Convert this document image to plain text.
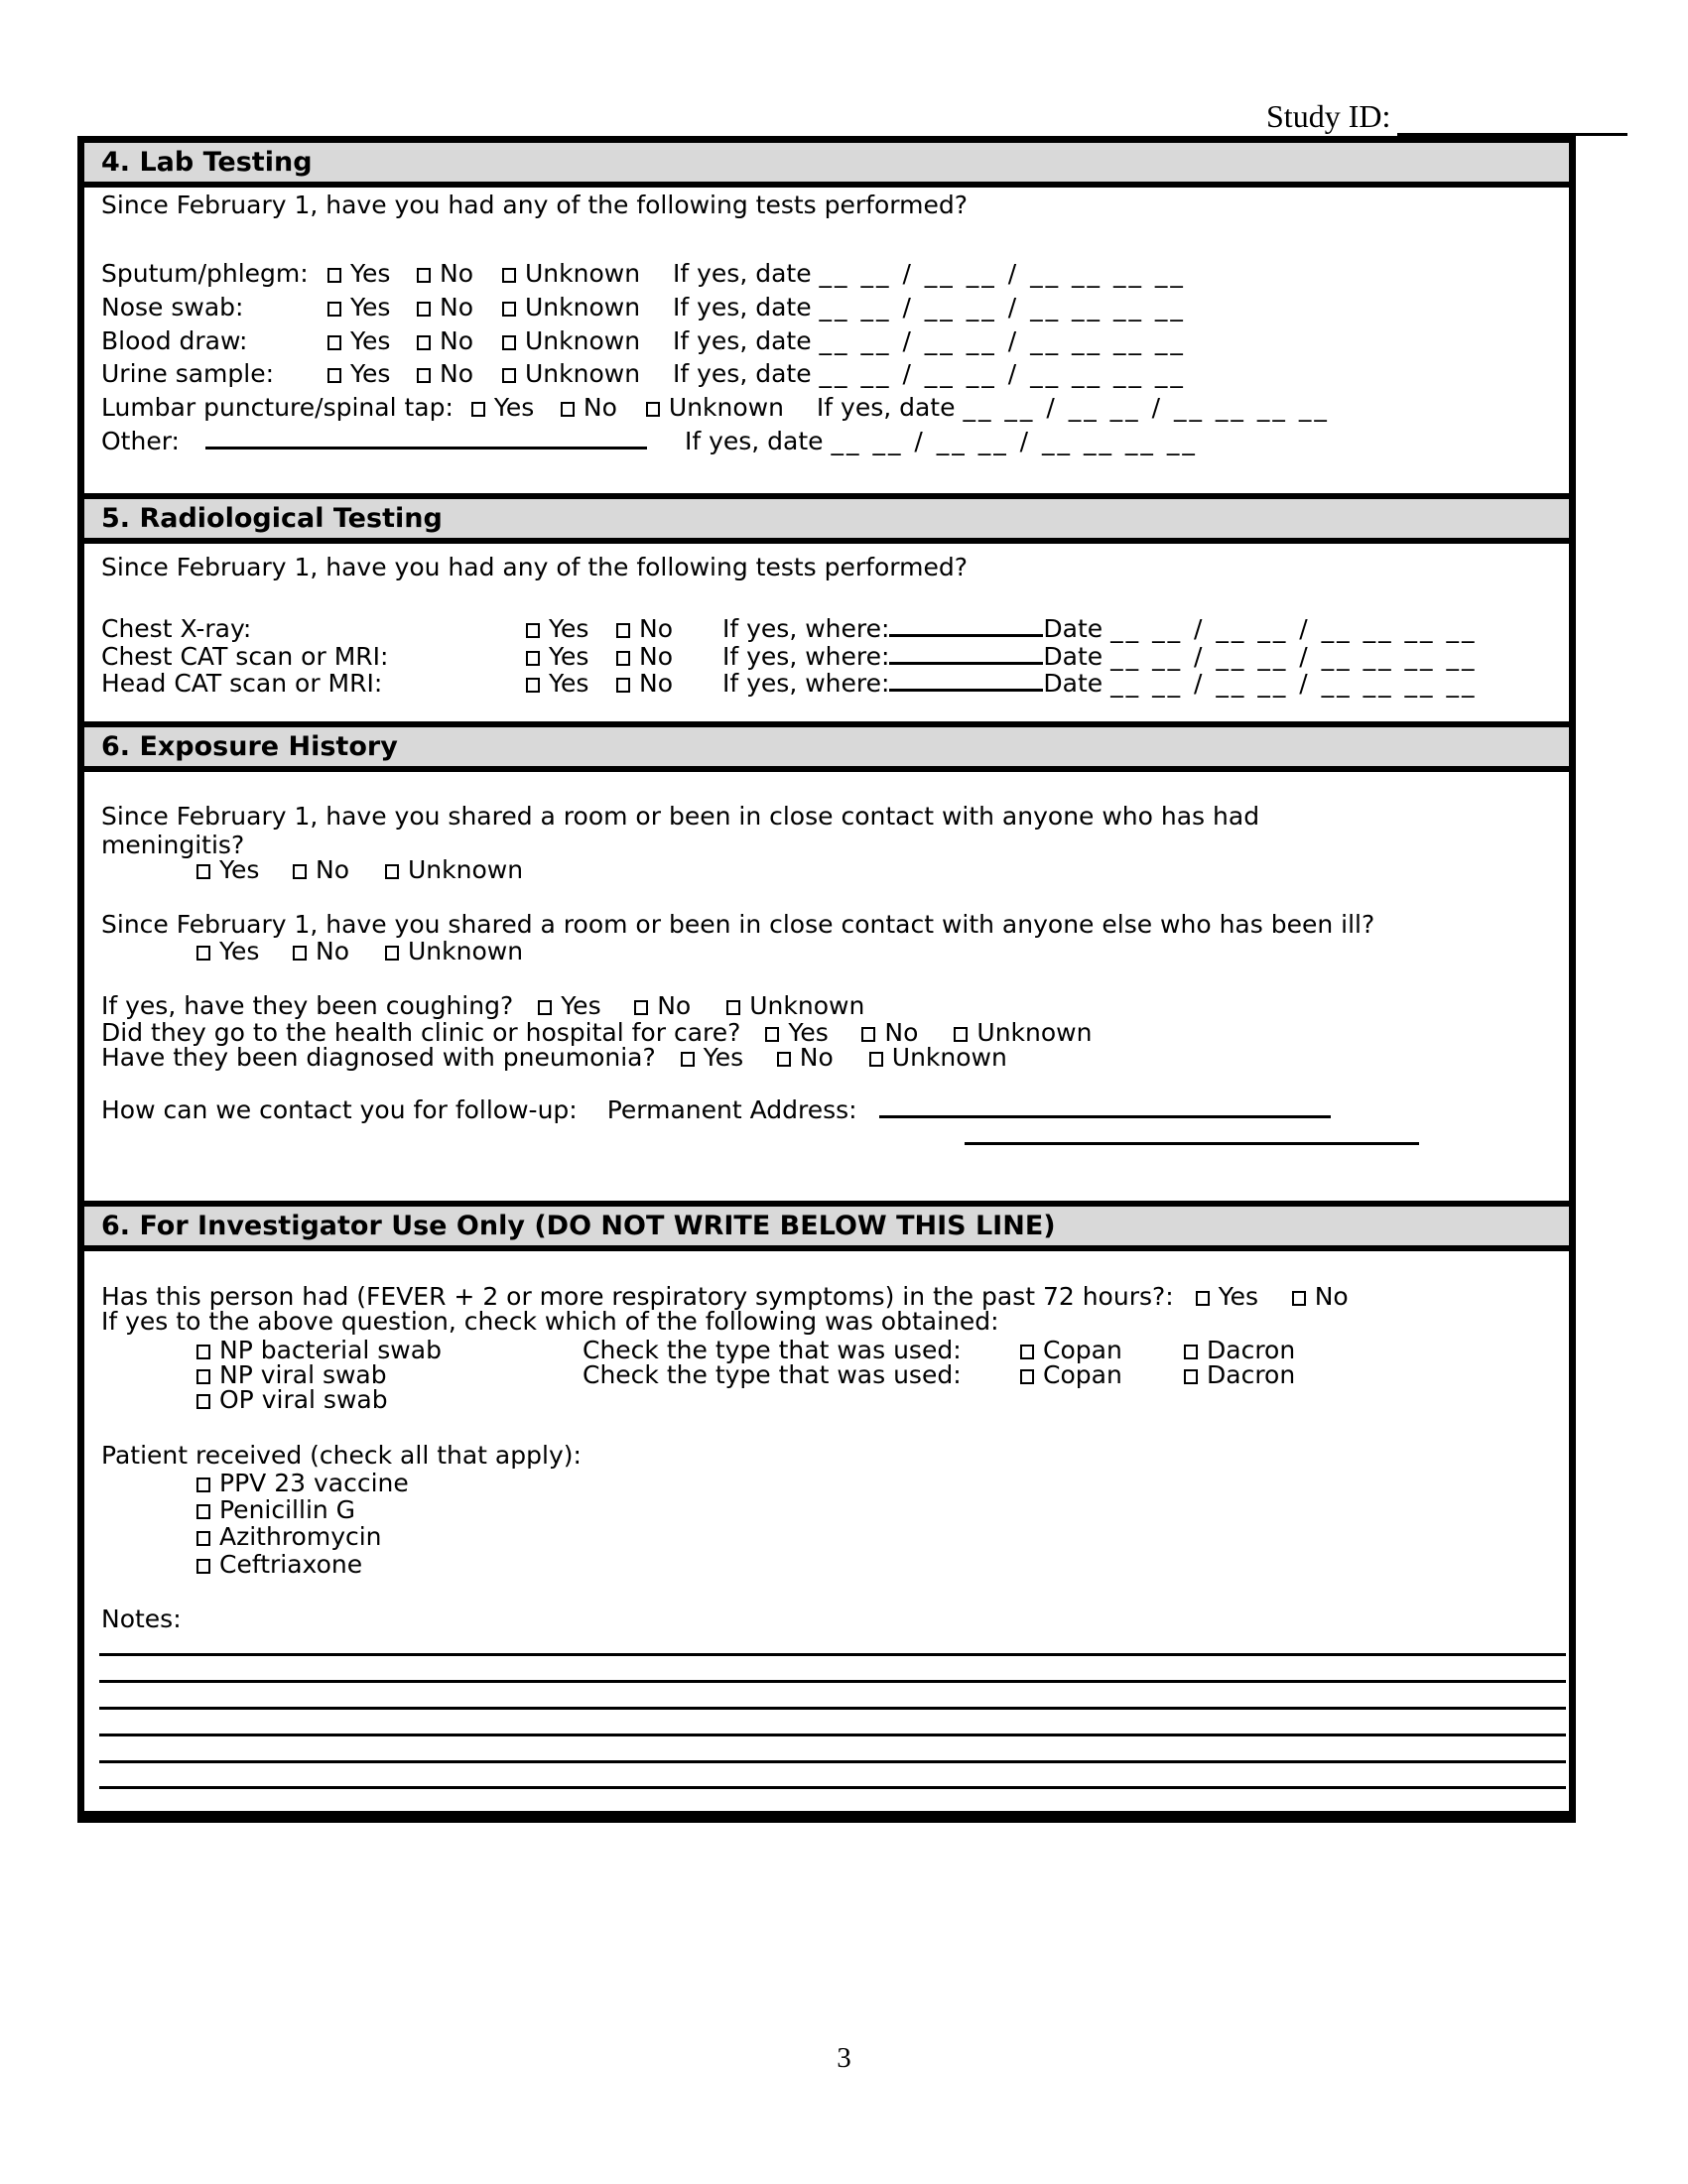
Study ID:
4. Lab Testing
Since February 1, have you had any of the following tests performed?
Sputum/phlegm: Yes No Unknown If yes, date __ __ / __ __ / __ __ __ __
Nose swab:	Yes No Unknown If yes, date __ __ / __ __ / __ __ __ __
Blood draw:	Yes No Unknown If yes, date __ __ / __ __ / __ __ __ __
Urine sample:	Yes No Unknown If yes, date __ __ / __ __ / __ __ __ __
Lumbar puncture/spinal tap: Yes No Unknown If yes, date __ __ / __ __ / __ __ __ __
Other:	If yes, date __ __ / __ __ / __ __ __ __
5. Radiological Testing
Since February 1, have you had any of the following tests performed?
Chest X-ray:	Yes No If yes, where:	Date __ __ / __ __ / __ __ __ __
Chest CAT scan or MRI:	Yes No If yes, where:	Date __ __ / __ __ / __ __ __ __
Head CAT scan or MRI:	Yes No If yes, where:	Date __ __ / __ __ / __ __ __ __
6. Exposure History
Since February 1, have you shared a room or been in close contact with anyone who has had meningitis?
Yes No Unknown
Since February 1, have you shared a room or been in close contact with anyone else who has been ill?
Yes No Unknown
If yes, have they been coughing? Yes No Unknown
Did they go to the health clinic or hospital for care? Yes No Unknown
Have they been diagnosed with pneumonia? Yes No Unknown
How can we contact you for follow-up: Permanent Address:
6. For Investigator Use Only (DO NOT WRITE BELOW THIS LINE)
Has this person had (FEVER + 2 or more respiratory symptoms) in the past 72 hours?: Yes No
If yes to the above question, check which of the following was obtained:
NP bacterial swab	Check the type that was used:	Copan	Dacron
NP viral swab	Check the type that was used:	Copan	Dacron
OP viral swab
Patient received (check all that apply):
PPV 23 vaccine
Penicillin G
Azithromycin
Ceftriaxone
Notes:
3
